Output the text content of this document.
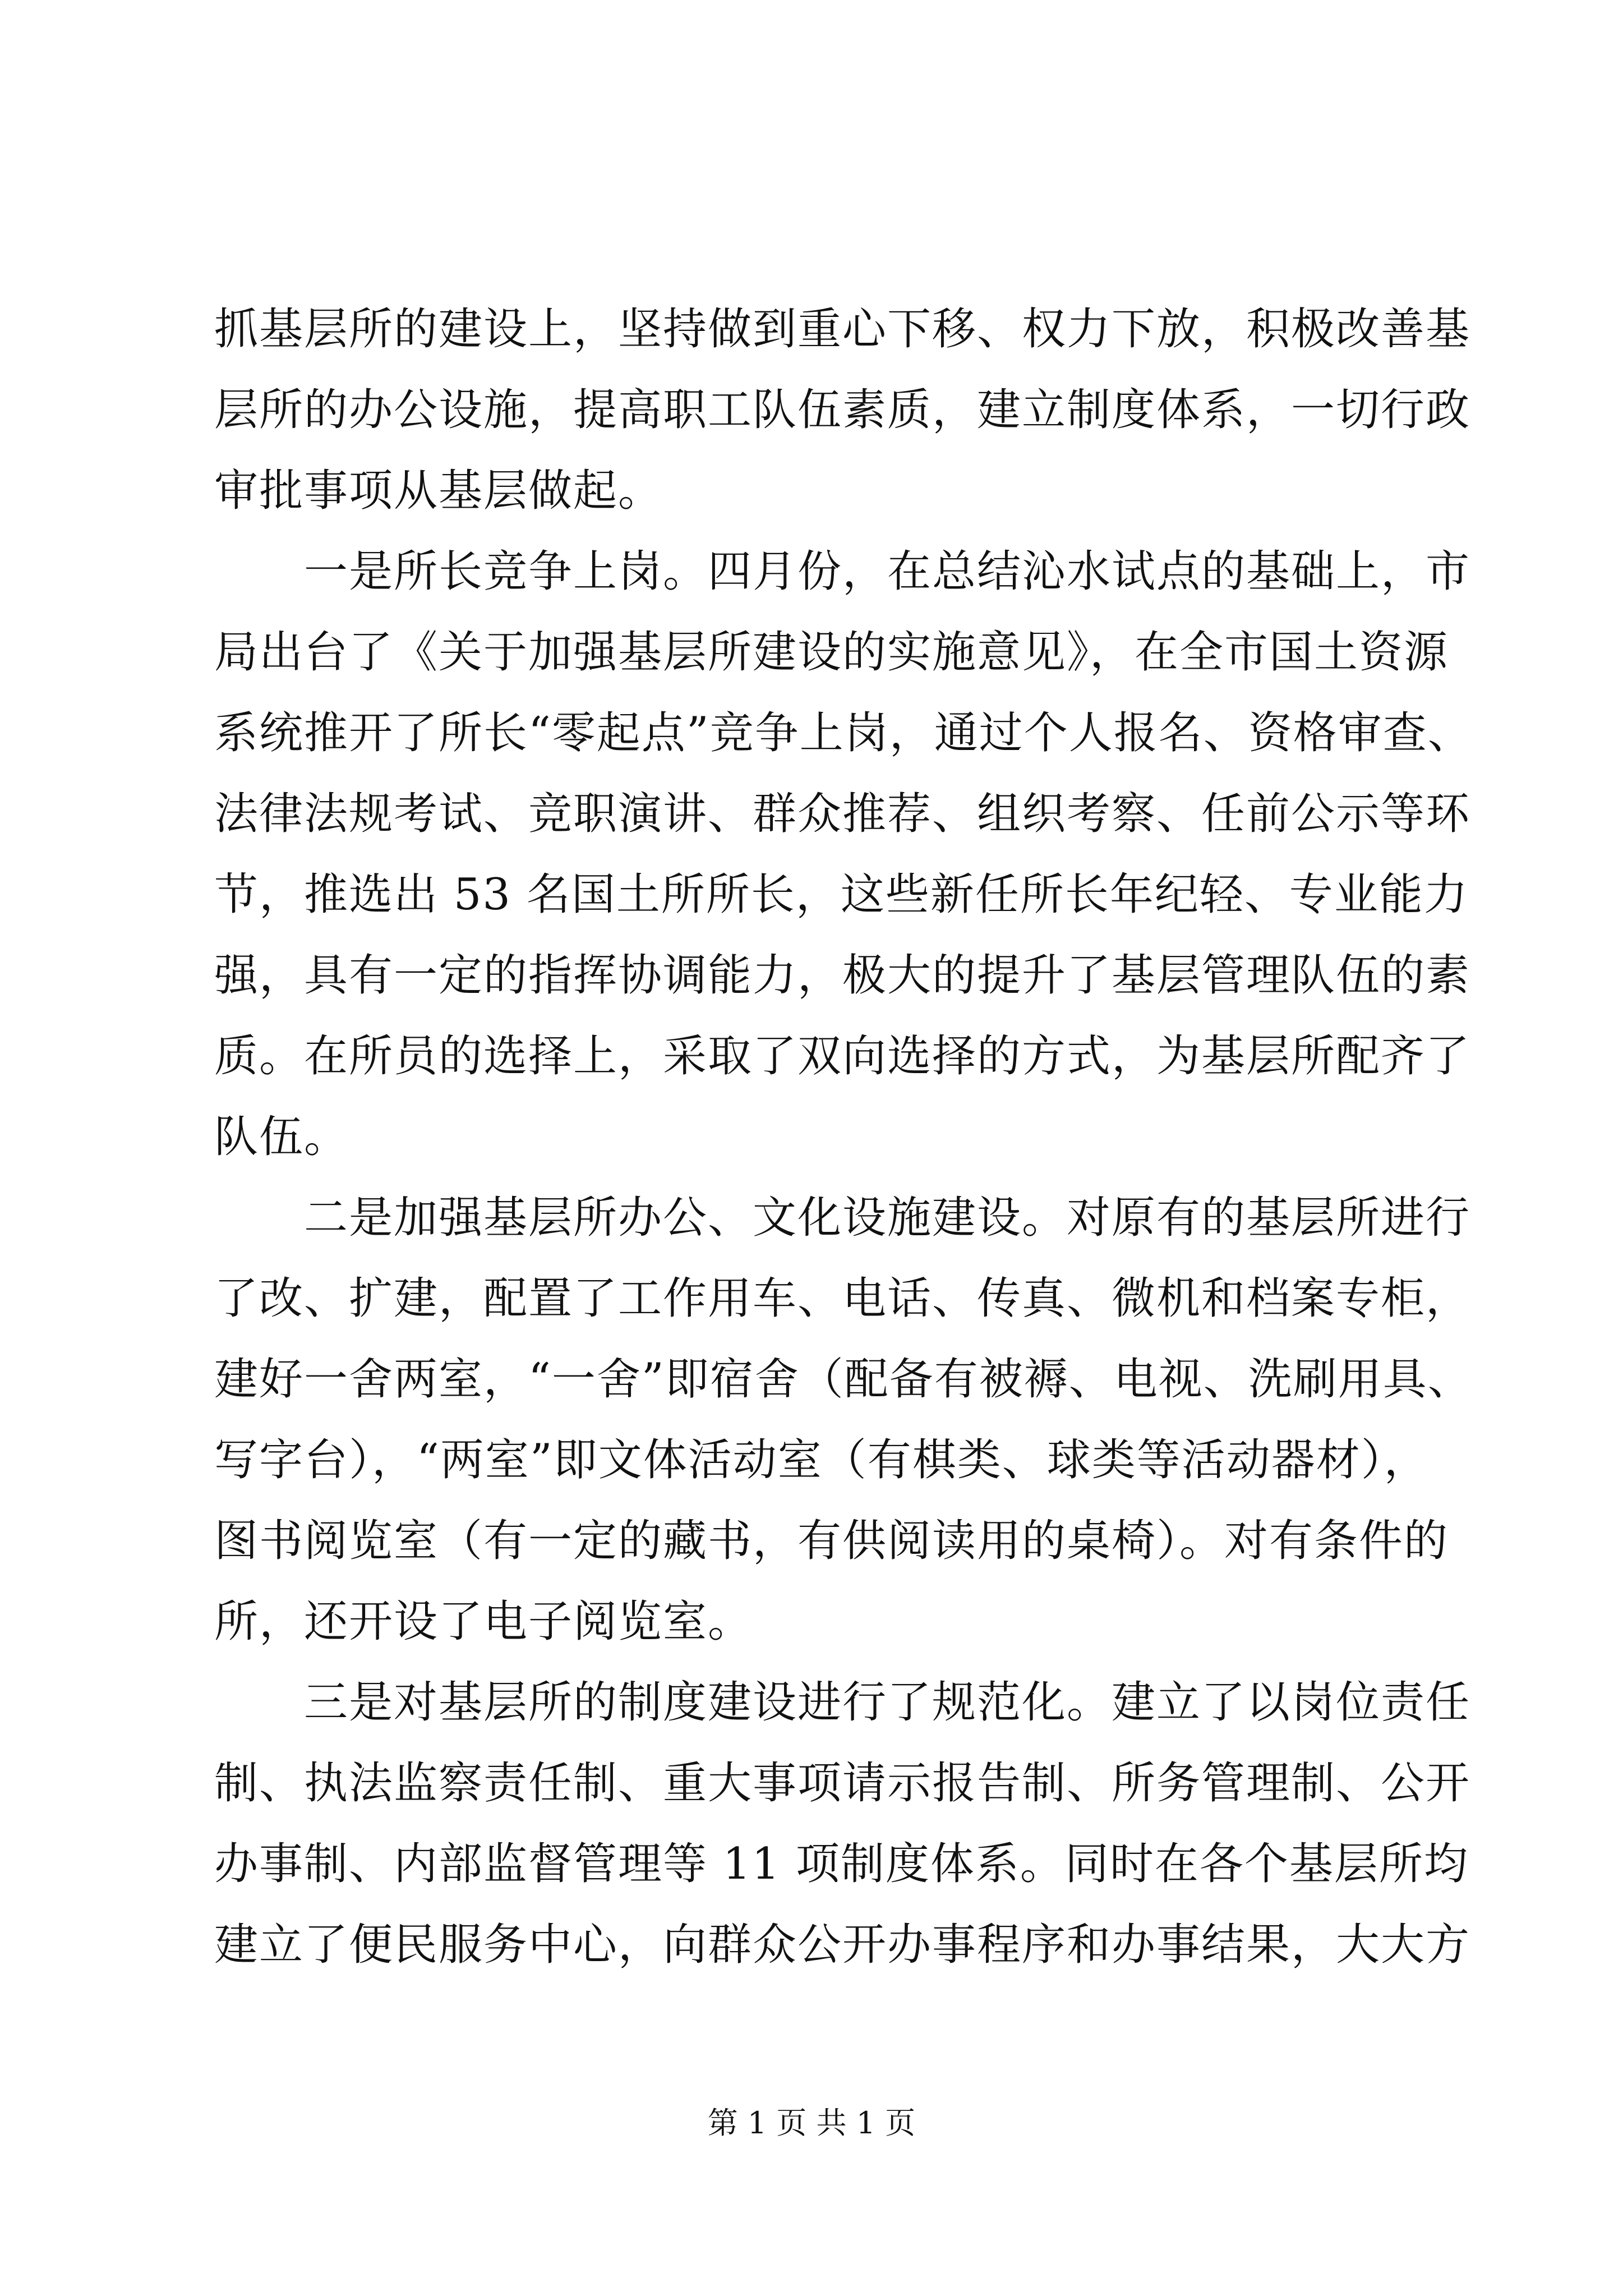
抓基层所的建设上，坚持做到重心下移、权力下放，积极改善基
层所的办公设施，提高职工队伍素质，建立制度体系，一切行政
审批事项从基层做起。
一是所长竞争上岗。四月份，在总结沁水试点的基础上，市
局出台了《关于加强基层所建设的实施意见》，在全市国土资源
系统推开了所长“零起点”竞争上岗，通过个人报名、资格审查、
法律法规考试、竞职演讲、群众推荐、组织考察、任前公示等环
节，推选出 53 名国土所所长，这些新任所长年纪轻、专业能力
强，具有一定的指挥协调能力，极大的提升了基层管理队伍的素
质。在所员的选择上，采取了双向选择的方式，为基层所配齐了
队伍。
二是加强基层所办公、文化设施建设。对原有的基层所进行
了改、扩建，配置了工作用车、电话、传真、微机和档案专柜，
建好一舍两室，“一舍”即宿舍（配备有被褥、电视、洗刷用具、
写字台），“两室”即文体活动室（有棋类、球类等活动器材），
图书阅览室（有一定的藏书，有供阅读用的桌椅）。对有条件的
所，还开设了电子阅览室。
三是对基层所的制度建设进行了规范化。建立了以岗位责任
制、执法监察责任制、重大事项请示报告制、所务管理制、公开
办事制、内部监督管理等 11 项制度体系。同时在各个基层所均
建立了便民服务中心，向群众公开办事程序和办事结果，大大方
第 1 页 共 1 页
